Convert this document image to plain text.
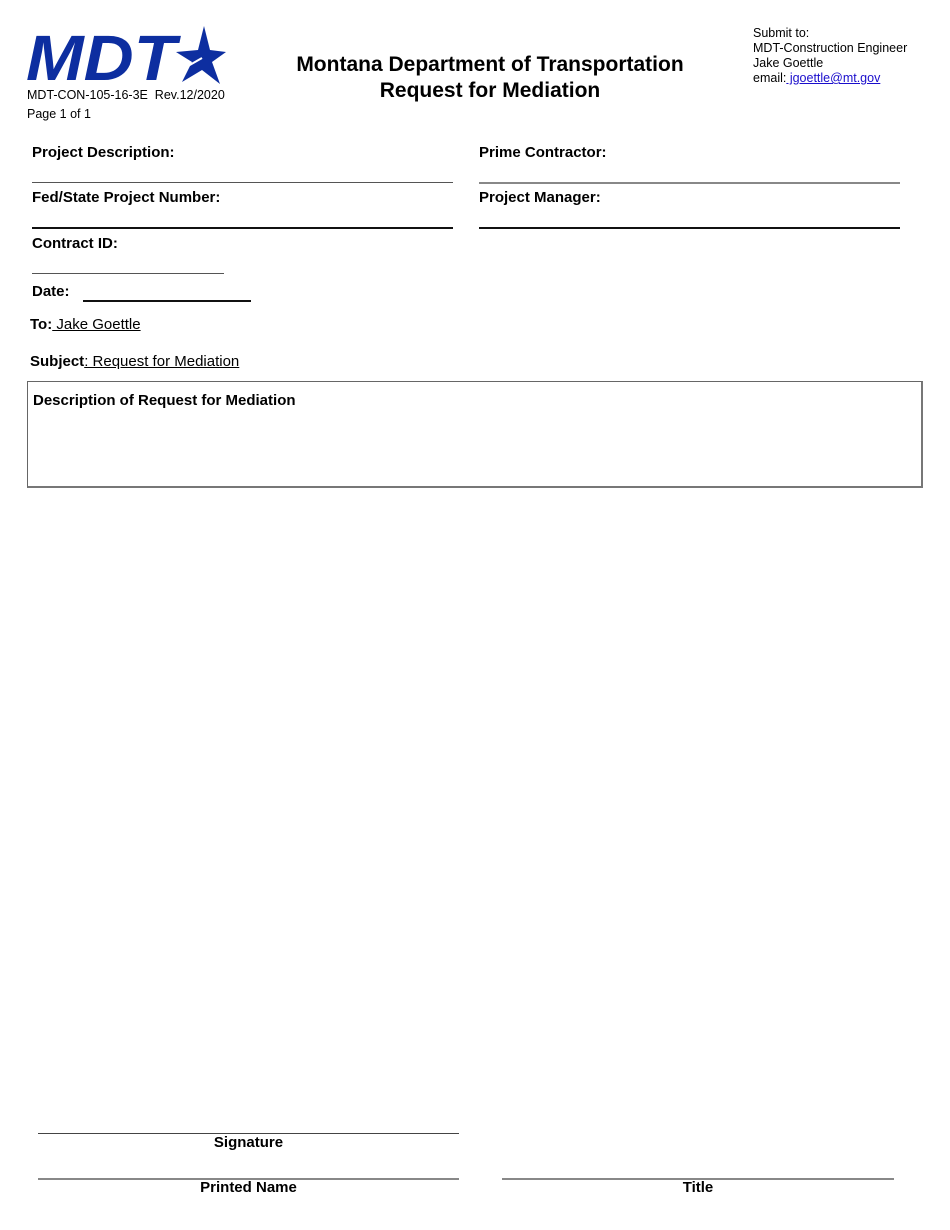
MDT
MDT-CON-105-16-3E  Rev.12/2020
Page 1 of 1
Montana Department of Transportation
Request for Mediation
Submit to:
MDT-Construction Engineer
Jake Goettle
email: jgoettle@mt.gov
Project Description:
Fed/State Project Number:
Contract ID:
Date:
Prime Contractor:
Project Manager:
To: Jake Goettle
Subject: Request for Mediation
Description of Request for Mediation
Signature
Printed Name	Title
